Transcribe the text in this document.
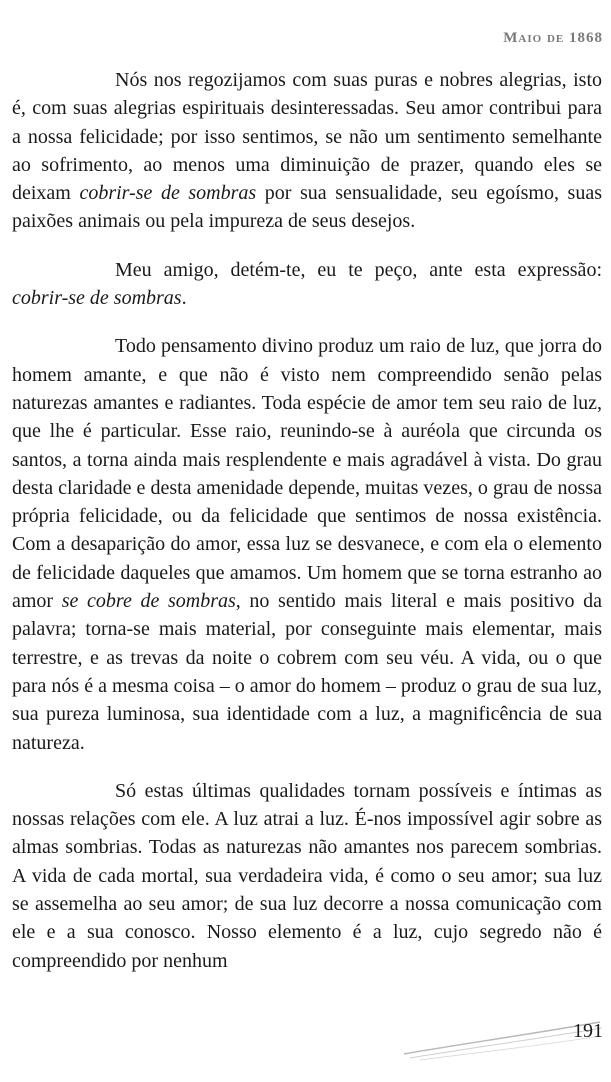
Maio de 1868

Nós nos regozijamos com suas puras e nobres alegrias, isto é, com suas alegrias espirituais desinteressadas. Seu amor contribui para a nossa felicidade; por isso sentimos, se não um sentimento semelhante ao sofrimento, ao menos uma diminuição de prazer, quando eles se deixam cobrir-se de sombras por sua sensualidade, seu egoísmo, suas paixões animais ou pela impureza de seus desejos.

Meu amigo, detém-te, eu te peço, ante esta expressão: cobrir-se de sombras.

Todo pensamento divino produz um raio de luz, que jorra do homem amante, e que não é visto nem compreendido senão pelas naturezas amantes e radiantes. Toda espécie de amor tem seu raio de luz, que lhe é particular. Esse raio, reunindo-se à auréola que circunda os santos, a torna ainda mais resplendente e mais agradável à vista. Do grau desta claridade e desta amenidade depende, muitas vezes, o grau de nossa própria felicidade, ou da felicidade que sentimos de nossa existência. Com a desaparição do amor, essa luz se desvanece, e com ela o elemento de felicidade daqueles que amamos. Um homem que se torna estranho ao amor se cobre de sombras, no sentido mais literal e mais positivo da palavra; torna-se mais material, por conseguinte mais elementar, mais terrestre, e as trevas da noite o cobrem com seu véu. A vida, ou o que para nós é a mesma coisa – o amor do homem – produz o grau de sua luz, sua pureza luminosa, sua identidade com a luz, a magnificência de sua natureza.

Só estas últimas qualidades tornam possíveis e íntimas as nossas relações com ele. A luz atrai a luz. É-nos impossível agir sobre as almas sombrias. Todas as naturezas não amantes nos parecem sombrias. A vida de cada mortal, sua verdadeira vida, é como o seu amor; sua luz se assemelha ao seu amor; de sua luz decorre a nossa comunicação com ele e a sua conosco. Nosso elemento é a luz, cujo segredo não é compreendido por nenhum

191
